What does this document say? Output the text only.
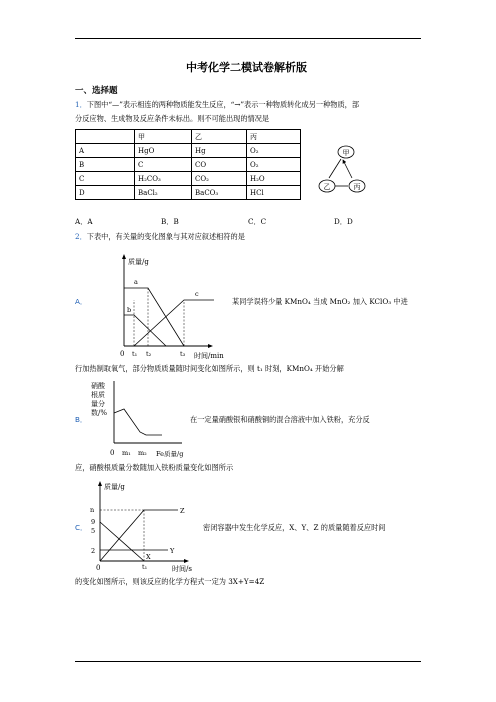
中考化学二模试卷解析版
一、选择题
1．下图中“—”表示相连的两种物质能发生反应，“→”表示一种物质转化成另一种物质，部
分反应物、生成物及反应条件未标出。则不可能出现的情况是
	甲	乙	丙
A	HgO	Hg	O₂
B	C	CO	O₂
C	H₂CO₃	CO₂	H₂O
D	BaCl₂	BaCO₃	HCl
甲
乙	丙
A．A	B．B	C．C	D．D
2．下表中，有关量的变化图象与其对应叙述相符的是
质量/g
时间/min
0 t₁ t₂	t₃
a
b
c
A．	某同学误将少量 KMnO₄ 当成 MnO₂ 加入 KClO₃ 中进
行加热制取氧气，部分物质质量随时间变化如图所示，则 t₁ 时刻，KMnO₄ 开始分解
硝酸
根质
量分
数/%
Fe质量/g
0 m₁ m₂
B．	在一定量硝酸银和硝酸铜的混合溶液中加入铁粉，充分反
应，硝酸根质量分数随加入铁粉质量变化如图所示
质量/g
时间/s
0
n
9
5
2
t₁
Z
X
Y
C．	密闭容器中发生化学反应，X、Y、Z 的质量随着反应时间
的变化如图所示，则该反应的化学方程式一定为 3X+Y=4Z
